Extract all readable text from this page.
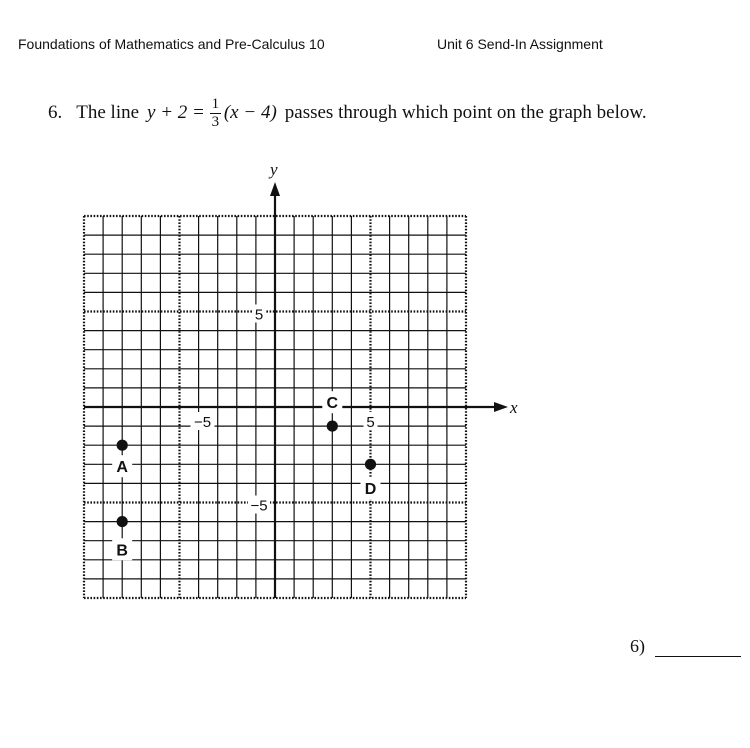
Foundations of Mathematics and Pre-Calculus 10	Unit 6 Send-In Assignment
6. The line $y + 2 = \frac{1}{3} (x - 4)$ passes through which point on the graph below.
x
y
−5	5
5
−5
A
B
C
D
6)
